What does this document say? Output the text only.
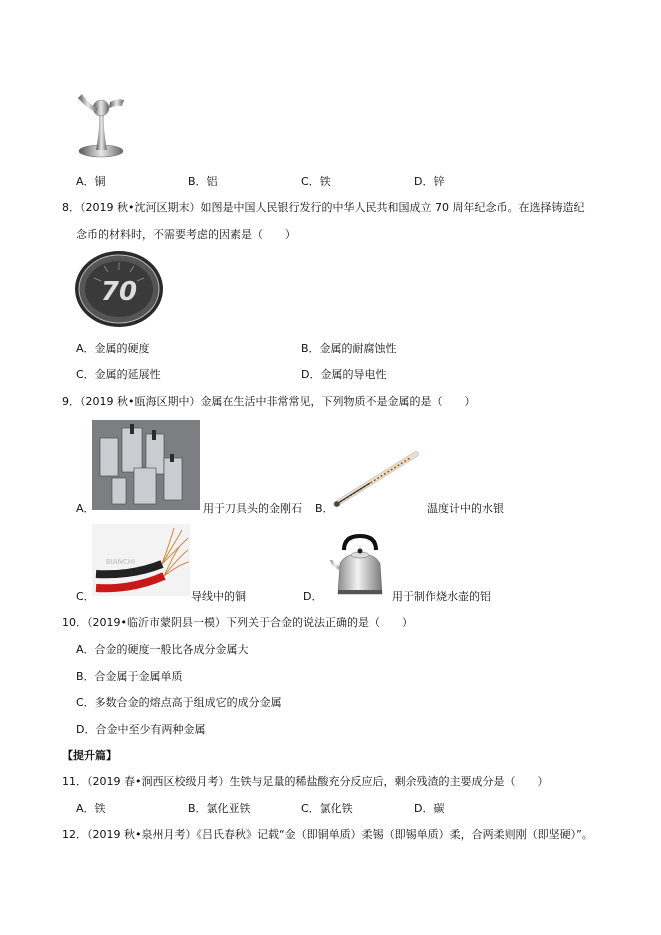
A．铜	B．铝	C．铁	D．锌
8．（2019 秋•沈河区期末）如图是中国人民银行发行的中华人民共和国成立 70 周年纪念币。在选择铸造纪
念币的材料时，不需要考虑的因素是（　　）
70
A．金属的硬度	B．金属的耐腐蚀性
C．金属的延展性	D．金属的导电性
9．（2019 秋•瓯海区期中）金属在生活中非常常见，下列物质不是金属的是（　　）
A．	用于刀具头的金刚石 B．	温度计中的水银
BIANCHI
C．	导线中的铜	D．	用于制作烧水壶的铝
10．（2019•临沂市蒙阴县一模）下列关于合金的说法正确的是（　　）
A．合金的硬度一般比各成分金属大
B．合金属于金属单质
C．多数合金的熔点高于组成它的成分金属
D．合金中至少有两种金属
【提升篇】
11．（2019 春•涧西区校级月考）生铁与足量的稀盐酸充分反应后，剩余残渣的主要成分是（　　）
A．铁	B．氯化亚铁	C．氯化铁	D．碳
12．（2019 秋•泉州月考）《吕氏春秋》记载“金（即铜单质）柔锡（即锡单质）柔，合两柔则刚（即坚硬）”。
